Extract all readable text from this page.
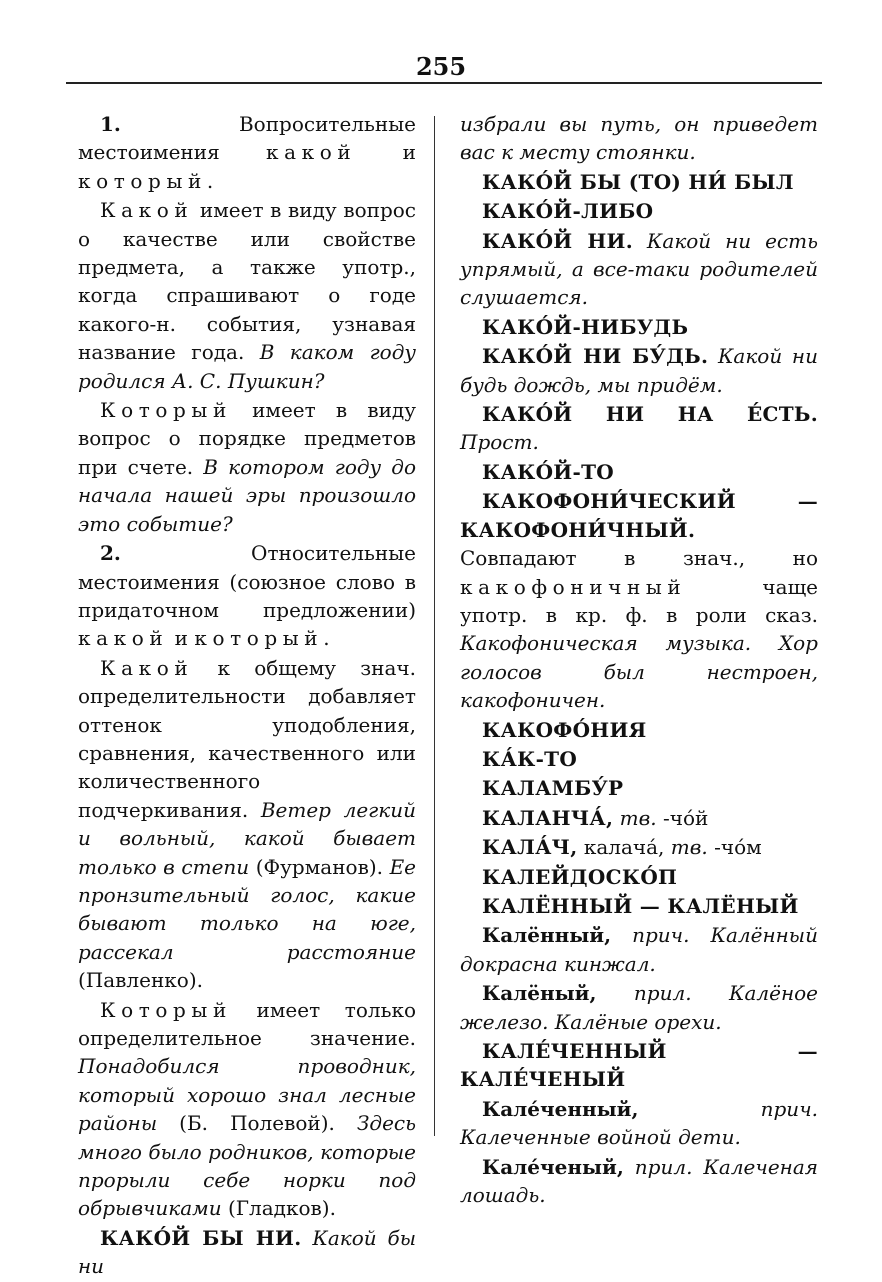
255

1. Вопросительные местоимения какой и который.

Какой имеет в виду вопрос о качестве или свойстве предмета, а также употр., когда спрашивают о годе какого-н. события, узнавая название года. В каком году родился А. С. Пушкин?

Который имеет в виду вопрос о порядке предметов при счете. В котором году до начала нашей эры произошло это событие?

2. Относительные местоимения (союзное слово в придаточном предложении) какой и который.

Какой к общему знач. определительности добавляет оттенок уподобления, сравнения, качественного или количественного подчеркивания. Ветер легкий и вольный, какой бывает только в степи (Фурманов). Ее пронзительный голос, какие бывают только на юге, рассекал расстояние (Павленко).

Который имеет только определительное значение. Понадобился проводник, который хорошо знал лесные районы (Б. Полевой). Здесь много было родников, которые прорыли себе норки под обрывчиками (Гладков).

КАКО́Й БЫ НИ. Какой бы ни

избрали вы путь, он приведет вас к месту стоянки.

КАКО́Й БЫ (ТО) НИ́ БЫЛ

КАКО́Й-ЛИБО

КАКО́Й НИ. Какой ни есть упрямый, а все-таки родителей слушается.

КАКО́Й-НИБУДЬ

КАКО́Й НИ БУ́ДЬ. Какой ни будь дождь, мы придём.

КАКО́Й НИ НА Е́СТЬ. Прост.

КАКО́Й-ТО

КАКОФОНИ́ЧЕСКИЙ — КАКОФОНИ́ЧНЫЙ. Совпадают в знач., но какофоничный чаще употр. в кр. ф. в роли сказ. Какофоническая музыка. Хор голосов был нестроен, какофоничен.

КАКОФО́НИЯ

КА́К-ТО

КАЛАМБУ́Р

КАЛАНЧА́, тв. -чо́й

КАЛА́Ч, калача́, тв. -чо́м

КАЛЕЙДОСКО́П

КАЛЁННЫЙ — КАЛЁНЫЙ

Калённый, прич. Калённый докрасна кинжал.

Калёный, прил. Калёное железо. Калёные орехи.

КАЛЕ́ЧЕННЫЙ — КАЛЕ́ЧЕНЫЙ

Кале́ченный, прич. Калеченные войной дети.

Кале́ченый, прил. Калеченая лошадь.
